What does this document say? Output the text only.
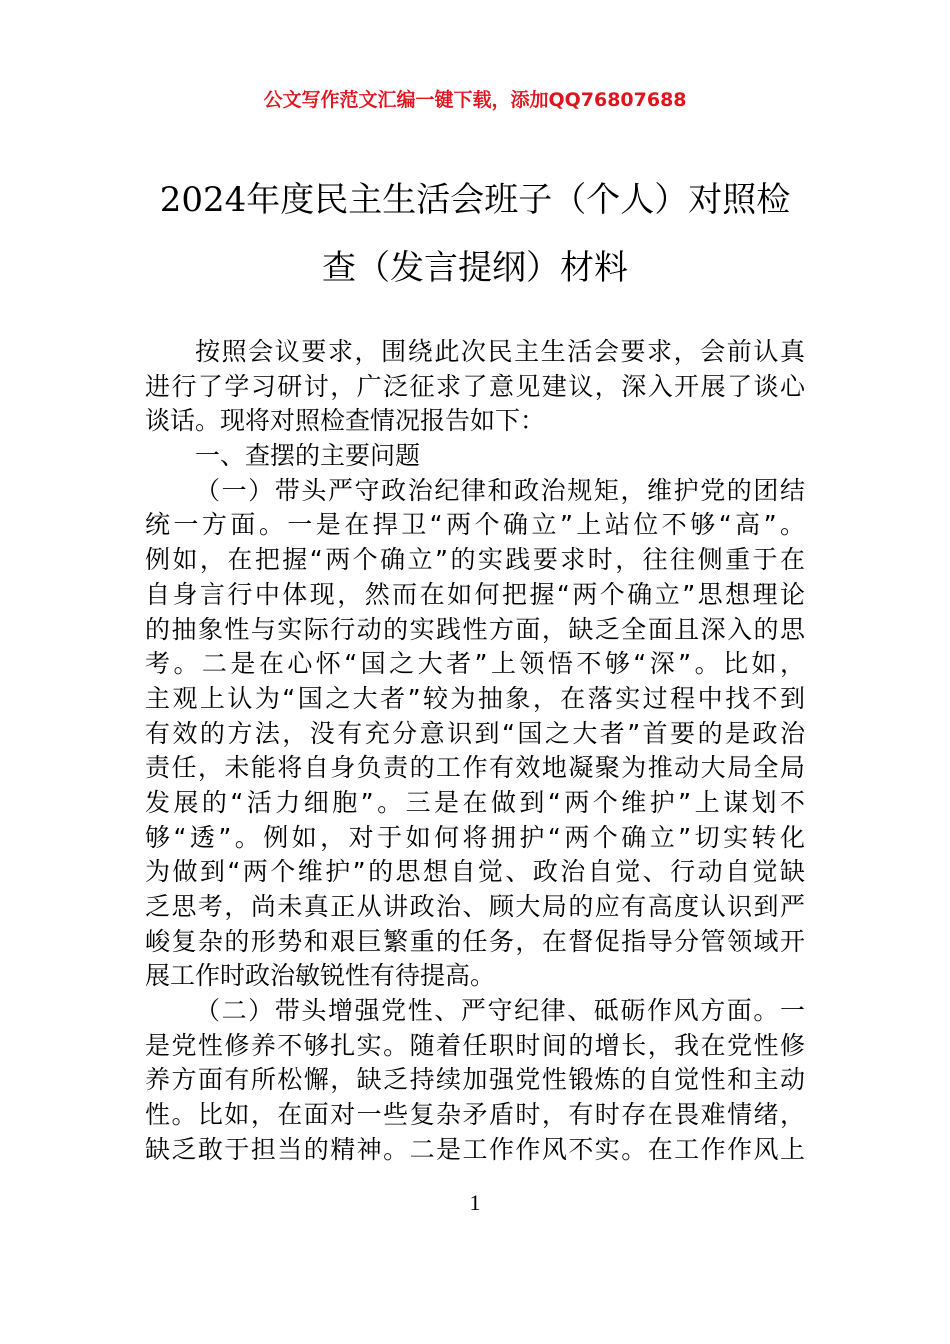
公文写作范文汇编一键下载，添加QQ76807688
2024年度民主生活会班子（个人）对照检
查（发言提纲）材料
按照会议要求，围绕此次民主生活会要求，会前认真
进行了学习研讨，广泛征求了意见建议，深入开展了谈心
谈话。现将对照检查情况报告如下：
一、查摆的主要问题
（一）带头严守政治纪律和政治规矩，维护党的团结
统一方面。一是在捍卫“两个确立”上站位不够“高”。
例如，在把握“两个确立”的实践要求时，往往侧重于在
自身言行中体现，然而在如何把握“两个确立”思想理论
的抽象性与实际行动的实践性方面，缺乏全面且深入的思
考。二是在心怀“国之大者”上领悟不够“深”。比如，
主观上认为“国之大者”较为抽象，在落实过程中找不到
有效的方法，没有充分意识到“国之大者”首要的是政治
责任，未能将自身负责的工作有效地凝聚为推动大局全局
发展的“活力细胞”。三是在做到“两个维护”上谋划不
够“透”。例如，对于如何将拥护“两个确立”切实转化
为做到“两个维护”的思想自觉、政治自觉、行动自觉缺
乏思考，尚未真正从讲政治、顾大局的应有高度认识到严
峻复杂的形势和艰巨繁重的任务，在督促指导分管领域开
展工作时政治敏锐性有待提高。
（二）带头增强党性、严守纪律、砥砺作风方面。一
是党性修养不够扎实。随着任职时间的增长，我在党性修
养方面有所松懈，缺乏持续加强党性锻炼的自觉性和主动
性。比如，在面对一些复杂矛盾时，有时存在畏难情绪，
缺乏敢于担当的精神。二是工作作风不实。在工作作风上
1
